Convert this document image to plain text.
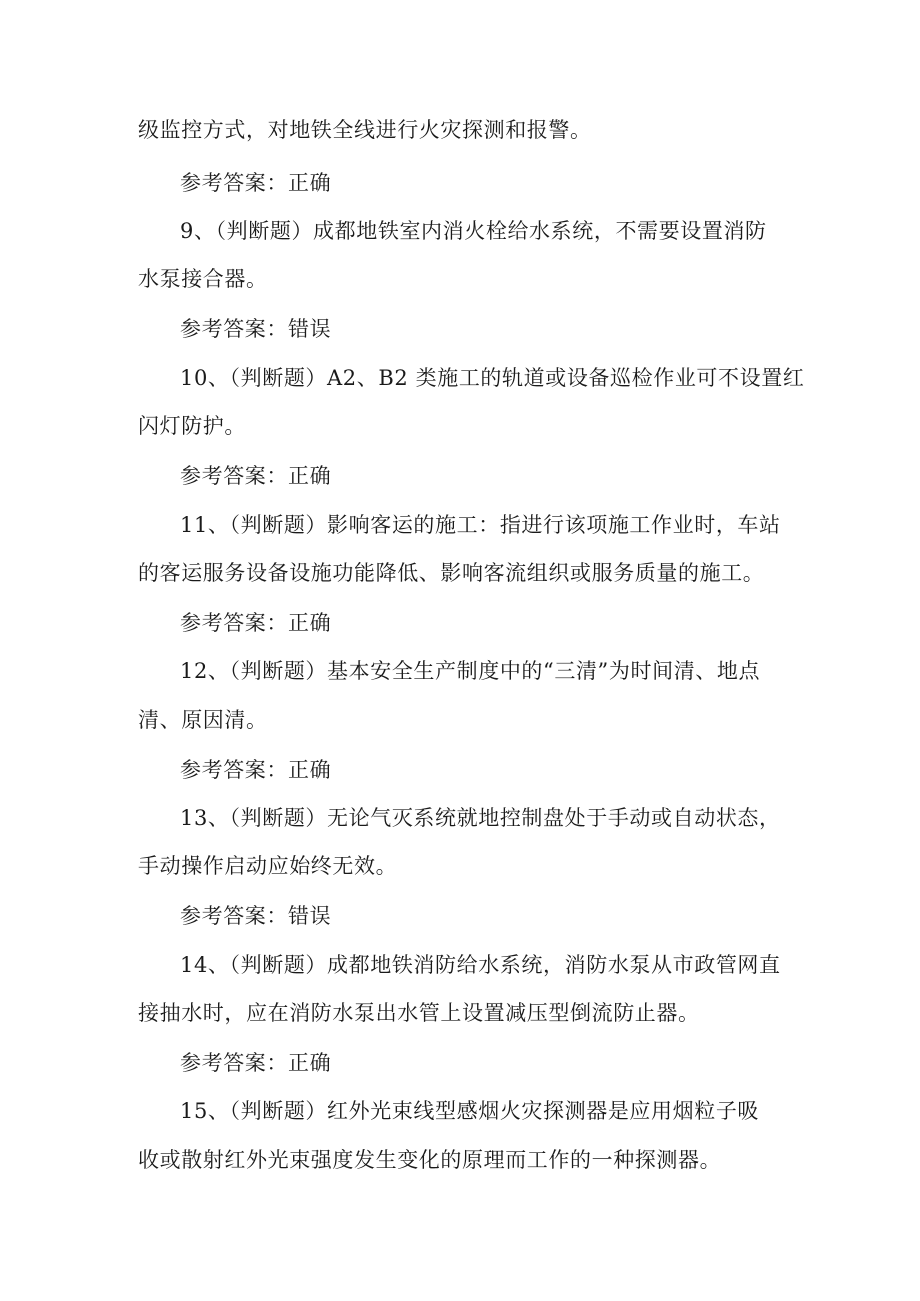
级监控方式，对地铁全线进行火灾探测和报警。
参考答案：正确
9、（判断题）成都地铁室内消火栓给水系统，不需要设置消防
水泵接合器。
参考答案：错误
10、（判断题）A2、B2 类施工的轨道或设备巡检作业可不设置红
闪灯防护。
参考答案：正确
11、（判断题）影响客运的施工：指进行该项施工作业时，车站
的客运服务设备设施功能降低、影响客流组织或服务质量的施工。
参考答案：正确
12、（判断题）基本安全生产制度中的“三清”为时间清、地点
清、原因清。
参考答案：正确
13、（判断题）无论气灭系统就地控制盘处于手动或自动状态，
手动操作启动应始终无效。
参考答案：错误
14、（判断题）成都地铁消防给水系统，消防水泵从市政管网直
接抽水时，应在消防水泵出水管上设置减压型倒流防止器。
参考答案：正确
15、（判断题）红外光束线型感烟火灾探测器是应用烟粒子吸
收或散射红外光束强度发生变化的原理而工作的一种探测器。
